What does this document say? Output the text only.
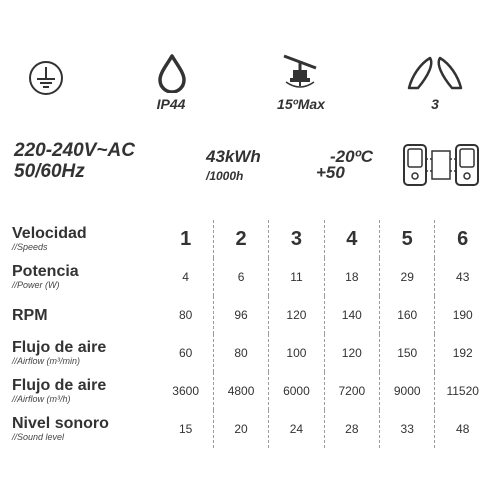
IP44	15ºMax	3
220-240V~AC
50/60Hz
43kWh
/1000h
-20ºC
+50
Velocidad
//Speeds	1	2	3	4	5	6

Potencia
//Power (W)	4	6	11	18	29	43

RPM	80	96	120	140	160	190

Flujo de aire
//Airflow (m³/min)	60	80	100	120	150	192

Flujo de aire
//Airflow (m³/h)	3600	4800	6000	7200	9000	11520

Nivel sonoro
//Sound level	15	20	24	28	33	48
